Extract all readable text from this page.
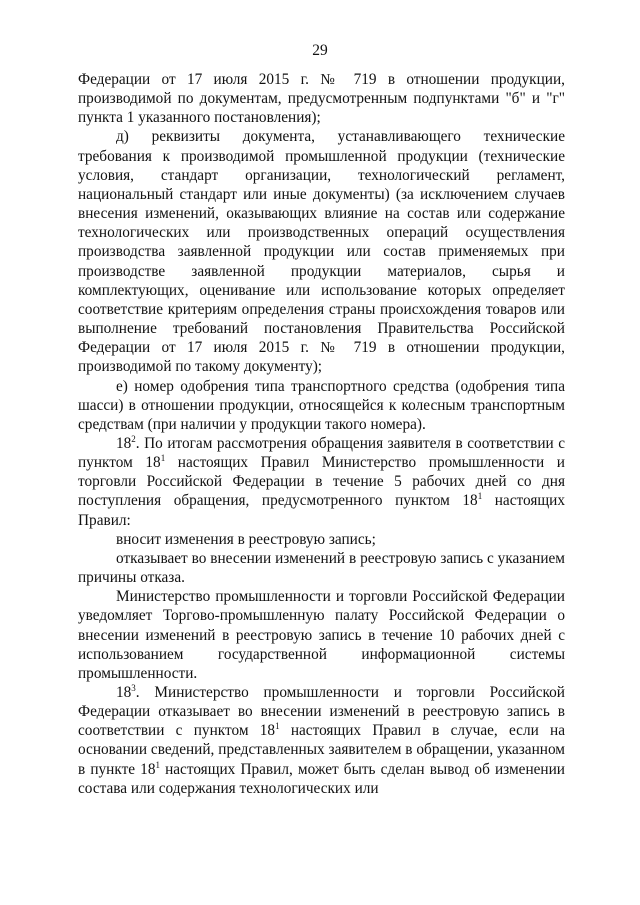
29

Федерации от 17 июля 2015 г. № 719 в отношении продукции, производимой по документам, предусмотренным подпунктами "б" и "г" пункта 1 указанного постановления);

д) реквизиты документа, устанавливающего технические требования к производимой промышленной продукции (технические условия, стандарт организации, технологический регламент, национальный стандарт или иные документы) (за исключением случаев внесения изменений, оказывающих влияние на состав или содержание технологических или производственных операций осуществления производства заявленной продукции или состав применяемых при производстве заявленной продукции материалов, сырья и комплектующих, оценивание или использование которых определяет соответствие критериям определения страны происхождения товаров или выполнение требований постановления Правительства Российской Федерации от 17 июля 2015 г. № 719 в отношении продукции, производимой по такому документу);

е) номер одобрения типа транспортного средства (одобрения типа шасси) в отношении продукции, относящейся к колесным транспортным средствам (при наличии у продукции такого номера).

18$^2$. По итогам рассмотрения обращения заявителя в соответствии с пунктом 18$^1$ настоящих Правил Министерство промышленности и торговли Российской Федерации в течение 5 рабочих дней со дня поступления обращения, предусмотренного пунктом 18$^1$ настоящих Правил:

вносит изменения в реестровую запись;

отказывает во внесении изменений в реестровую запись с указанием причины отказа.

Министерство промышленности и торговли Российской Федерации уведомляет Торгово-промышленную палату Российской Федерации о внесении изменений в реестровую запись в течение 10 рабочих дней с использованием государственной информационной системы промышленности.

18$^3$. Министерство промышленности и торговли Российской Федерации отказывает во внесении изменений в реестровую запись в соответствии с пунктом 18$^1$ настоящих Правил в случае, если на основании сведений, представленных заявителем в обращении, указанном в пункте 18$^1$ настоящих Правил, может быть сделан вывод об изменении состава или содержания технологических или
